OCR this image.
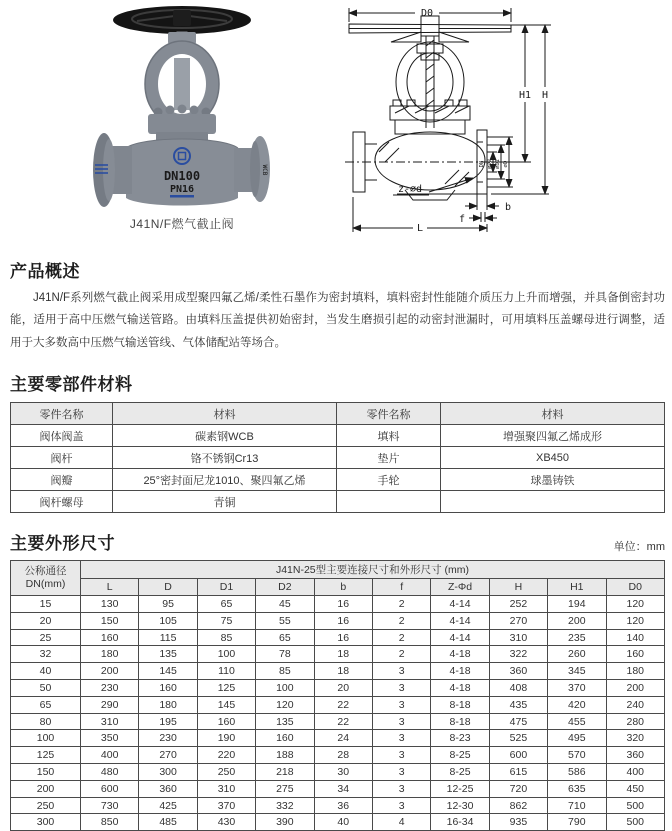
DN100
PN16
WCB
J41N/F燃气截止阀
D0
∅D2 ∅D1 ∅D
DN
H1 H
z-∅d
b
f
L
产品概述

J41N/F系列燃气截止阀采用成型聚四氟乙烯/柔性石墨作为密封填料，填料密封性能随介质压力上升而增强，并具备倒密封功能，适用于高中压燃气输送管路。由填料压盖提供初始密封，当发生磨损引起的动密封泄漏时，可用填料压盖螺母进行调整，适用于大多数高中压燃气输送管线、气体储配站等场合。

主要零部件材料
零件名称	材料	零件名称	材料
阀体阀盖	碳素钢WCB	填料	增强聚四氟乙烯成形
阀杆	铬不锈钢Cr13	垫片	XB450
阀瓣	25°密封面尼龙1010、聚四氟乙烯	手轮	球墨铸铁
阀杆螺母	青铜		
主要外形尺寸	单位：mm
公称通径
DN(mm)	J41N-25型主要连接尺寸和外形尺寸 (mm)									
	L	D	D1	D2	b	f	Z-Φd	H	H1	D0
15	130	95	65	45	16	2	4-14	252	194	120
20	150	105	75	55	16	2	4-14	270	200	120
25	160	115	85	65	16	2	4-14	310	235	140
32	180	135	100	78	18	2	4-18	322	260	160
40	200	145	110	85	18	3	4-18	360	345	180
50	230	160	125	100	20	3	4-18	408	370	200
65	290	180	145	120	22	3	8-18	435	420	240
80	310	195	160	135	22	3	8-18	475	455	280
100	350	230	190	160	24	3	8-23	525	495	320
125	400	270	220	188	28	3	8-25	600	570	360
150	480	300	250	218	30	3	8-25	615	586	400
200	600	360	310	275	34	3	12-25	720	635	450
250	730	425	370	332	36	3	12-30	862	710	500
300	850	485	430	390	40	4	16-34	935	790	500
